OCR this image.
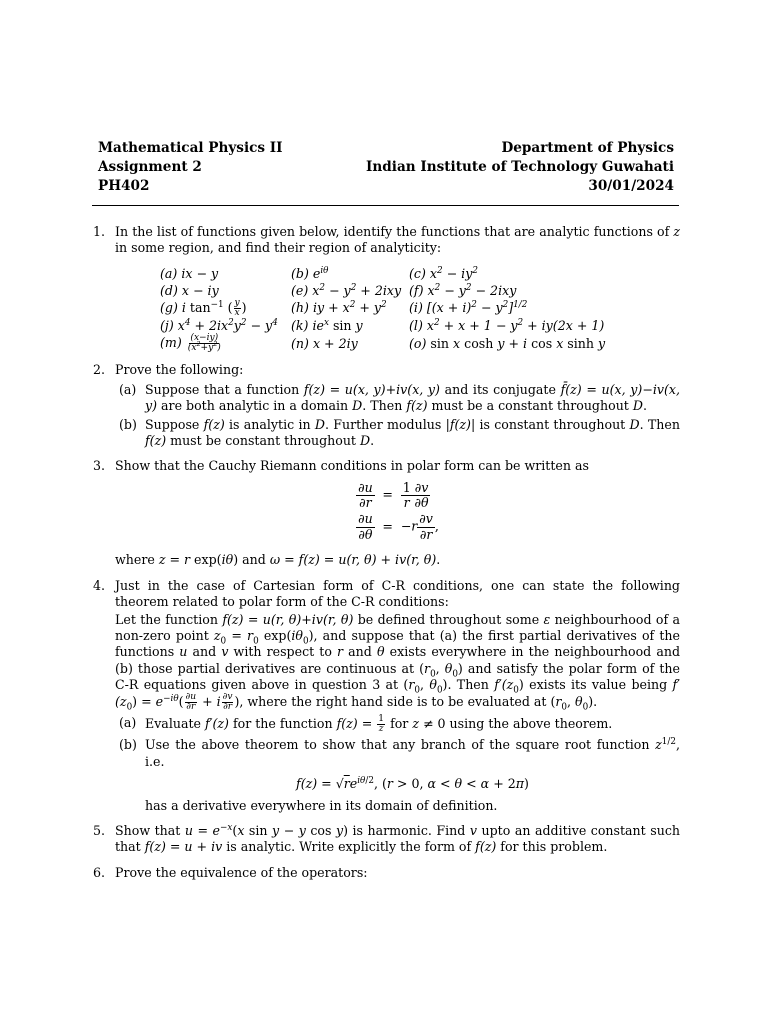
Mathematical Physics II
Assignment 2
PH402
Department of Physics
Indian Institute of Technology Guwahati
30/01/2024
1. In the list of functions given below, identify the functions that are analytic functions of z in some region, and find their region of analyticity:

(a) ix − y	(b) $e^{i\theta}$	(c) $x^2 - iy^2$
(d) x − iy	(e) $x^2 - y^2 + 2ixy$	(f) $x^2 - y^2 - 2ixy$
(g) i $\tan^{-1}$ ( $\frac{y}{x}$ )	(h) iy + $x^2 + y^2$	(i) $[(x + i)^2 - y^2]^{1/2}$
(j) $x^4 + 2ix^2y^2 - y^4$	(k) $ie^x$ sin y	(l) $x^2 + x + 1 - y^2 + iy(2x + 1)$
$(m) \frac{(x-iy)}{(x^2+y^2)}$	(n) x + 2iy	(o) sin x cosh y + i cos x sinh y
2. Prove the following:

(a) Suppose that a function f(z) = u(x, y)+iv(x, y) and its conjugate f̄(z) = u(x, y)−iv(x, y) are both analytic in a domain D. Then f(z) must be a constant throughout D.
(b) Suppose f(z) is analytic in D. Further modulus |f(z)| is constant throughout D. Then f(z) must be constant throughout D.
3. Show that the Cauchy Riemann conditions in polar form can be written as

$\frac{\partial u}{\partial r} = \frac{1}{r} \frac{\partial v}{\partial\theta}$
$\frac{\partial u}{\partial\theta} = -r \frac{\partial v}{\partial r}$ ,

where z = r exp(iθ) and ω = f(z) = u(r, θ) + iv(r, θ).

4. Just in the case of Cartesian form of C-R conditions, one can state the following theorem related to polar form of the C-R conditions:

Let the function f(z) = u(r, θ)+iv(r, θ) be defined throughout some ε neighbourhood of a non-zero point $z_0 = r_0$ $\exp(i\theta_0)$, and suppose that (a) the first partial derivatives of the functions u and v with respect to r and θ exists everywhere in the neighbourhood and (b) those partial derivatives are continuous at ($r_0$, $\theta_0$) and satisfy the polar form of the C-R equations given above in question 3 at ($r_0$, $\theta_0$). Then $f'(z_0)$ exists its value being $f'(z_0) = e^{-i\theta}( \frac{\partial u}{\partial r} + i \frac{\partial v}{\partial r}$ ), where the right hand side is to be evaluated at ($r_0$, $\theta_0$).

(a) Evaluate f′(z) for the function $f(z) = \frac{1}{z}$ for z ≠ 0 using the above theorem.
(b) Use the above theorem to show that any branch of the square root function $z^{1/2}$, i.e.
$f(z) = √re^{i\theta/2}$, (r > 0, α < θ < α + 2π)
has a derivative everywhere in its domain of definition.
5. Show that $u = e^{-x}(x$ sin y − y cos y) is harmonic. Find v upto an additive constant such that f(z) = u + iv is analytic. Write explicitly the form of f(z) for this problem.

6. Prove the equivalence of the operators:
